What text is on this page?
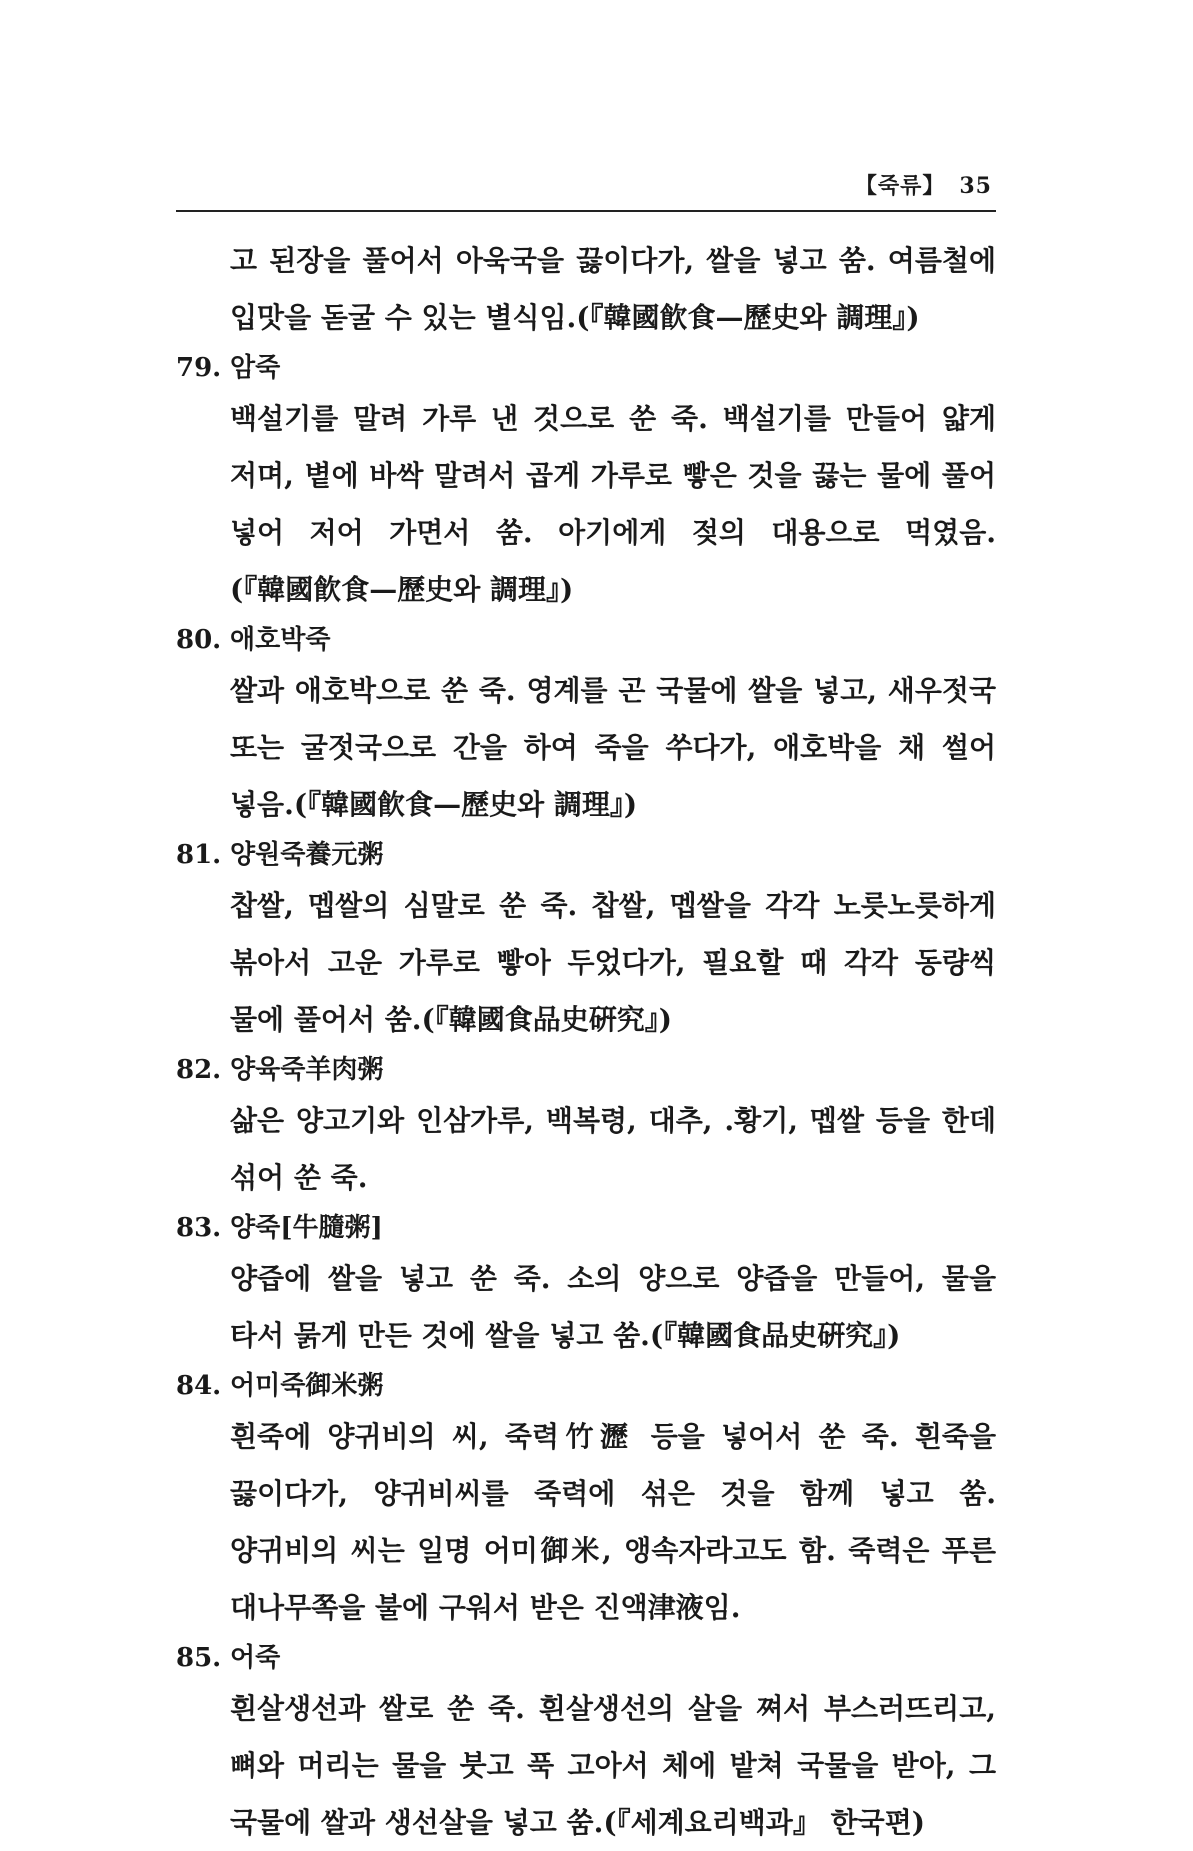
【죽류】 35
고 된장을 풀어서 아욱국을 끓이다가, 쌀을 넣고 쑴. 여름철에 입맛을 돋굴 수 있는 별식임.(『韓國飮食—歷史와 調理』)
79. 암죽
백설기를 말려 가루 낸 것으로 쑨 죽. 백설기를 만들어 얇게 저며, 볕에 바싹 말려서 곱게 가루로 빻은 것을 끓는 물에 풀어 넣어 저어 가면서 쑴. 아기에게 젖의 대용으로 먹였음.(『韓國飮食—歷史와 調理』)
80. 애호박죽
쌀과 애호박으로 쑨 죽. 영계를 곤 국물에 쌀을 넣고, 새우젓국 또는 굴젓국으로 간을 하여 죽을 쑤다가, 애호박을 채 썰어 넣음.(『韓國飮食—歷史와 調理』)
81. 양원죽養元粥
찹쌀, 멥쌀의 심말로 쑨 죽. 찹쌀, 멥쌀을 각각 노릇노릇하게 볶아서 고운 가루로 빻아 두었다가, 필요할 때 각각 동량씩 물에 풀어서 쑴.(『韓國食品史硏究』)
82. 양육죽羊肉粥
삶은 양고기와 인삼가루, 백복령, 대추, .황기, 멥쌀 등을 한데 섞어 쑨 죽.
83. 양죽[牛膸粥]
양즙에 쌀을 넣고 쑨 죽. 소의 양으로 양즙을 만들어, 물을 타서 묽게 만든 것에 쌀을 넣고 쑴.(『韓國食品史硏究』)
84. 어미죽御米粥
흰죽에 양귀비의 씨, 죽력竹瀝 등을 넣어서 쑨 죽. 흰죽을 끓이다가, 양귀비씨를 죽력에 섞은 것을 함께 넣고 쑴. 양귀비의 씨는 일명 어미御米, 앵속자라고도 함. 죽력은 푸른 대나무쪽을 불에 구워서 받은 진액津液임.
85. 어죽
흰살생선과 쌀로 쑨 죽. 흰살생선의 살을 쪄서 부스러뜨리고, 뼈와 머리는 물을 붓고 푹 고아서 체에 밭쳐 국물을 받아, 그 국물에 쌀과 생선살을 넣고 쑴.(『세계요리백과』 한국편)
